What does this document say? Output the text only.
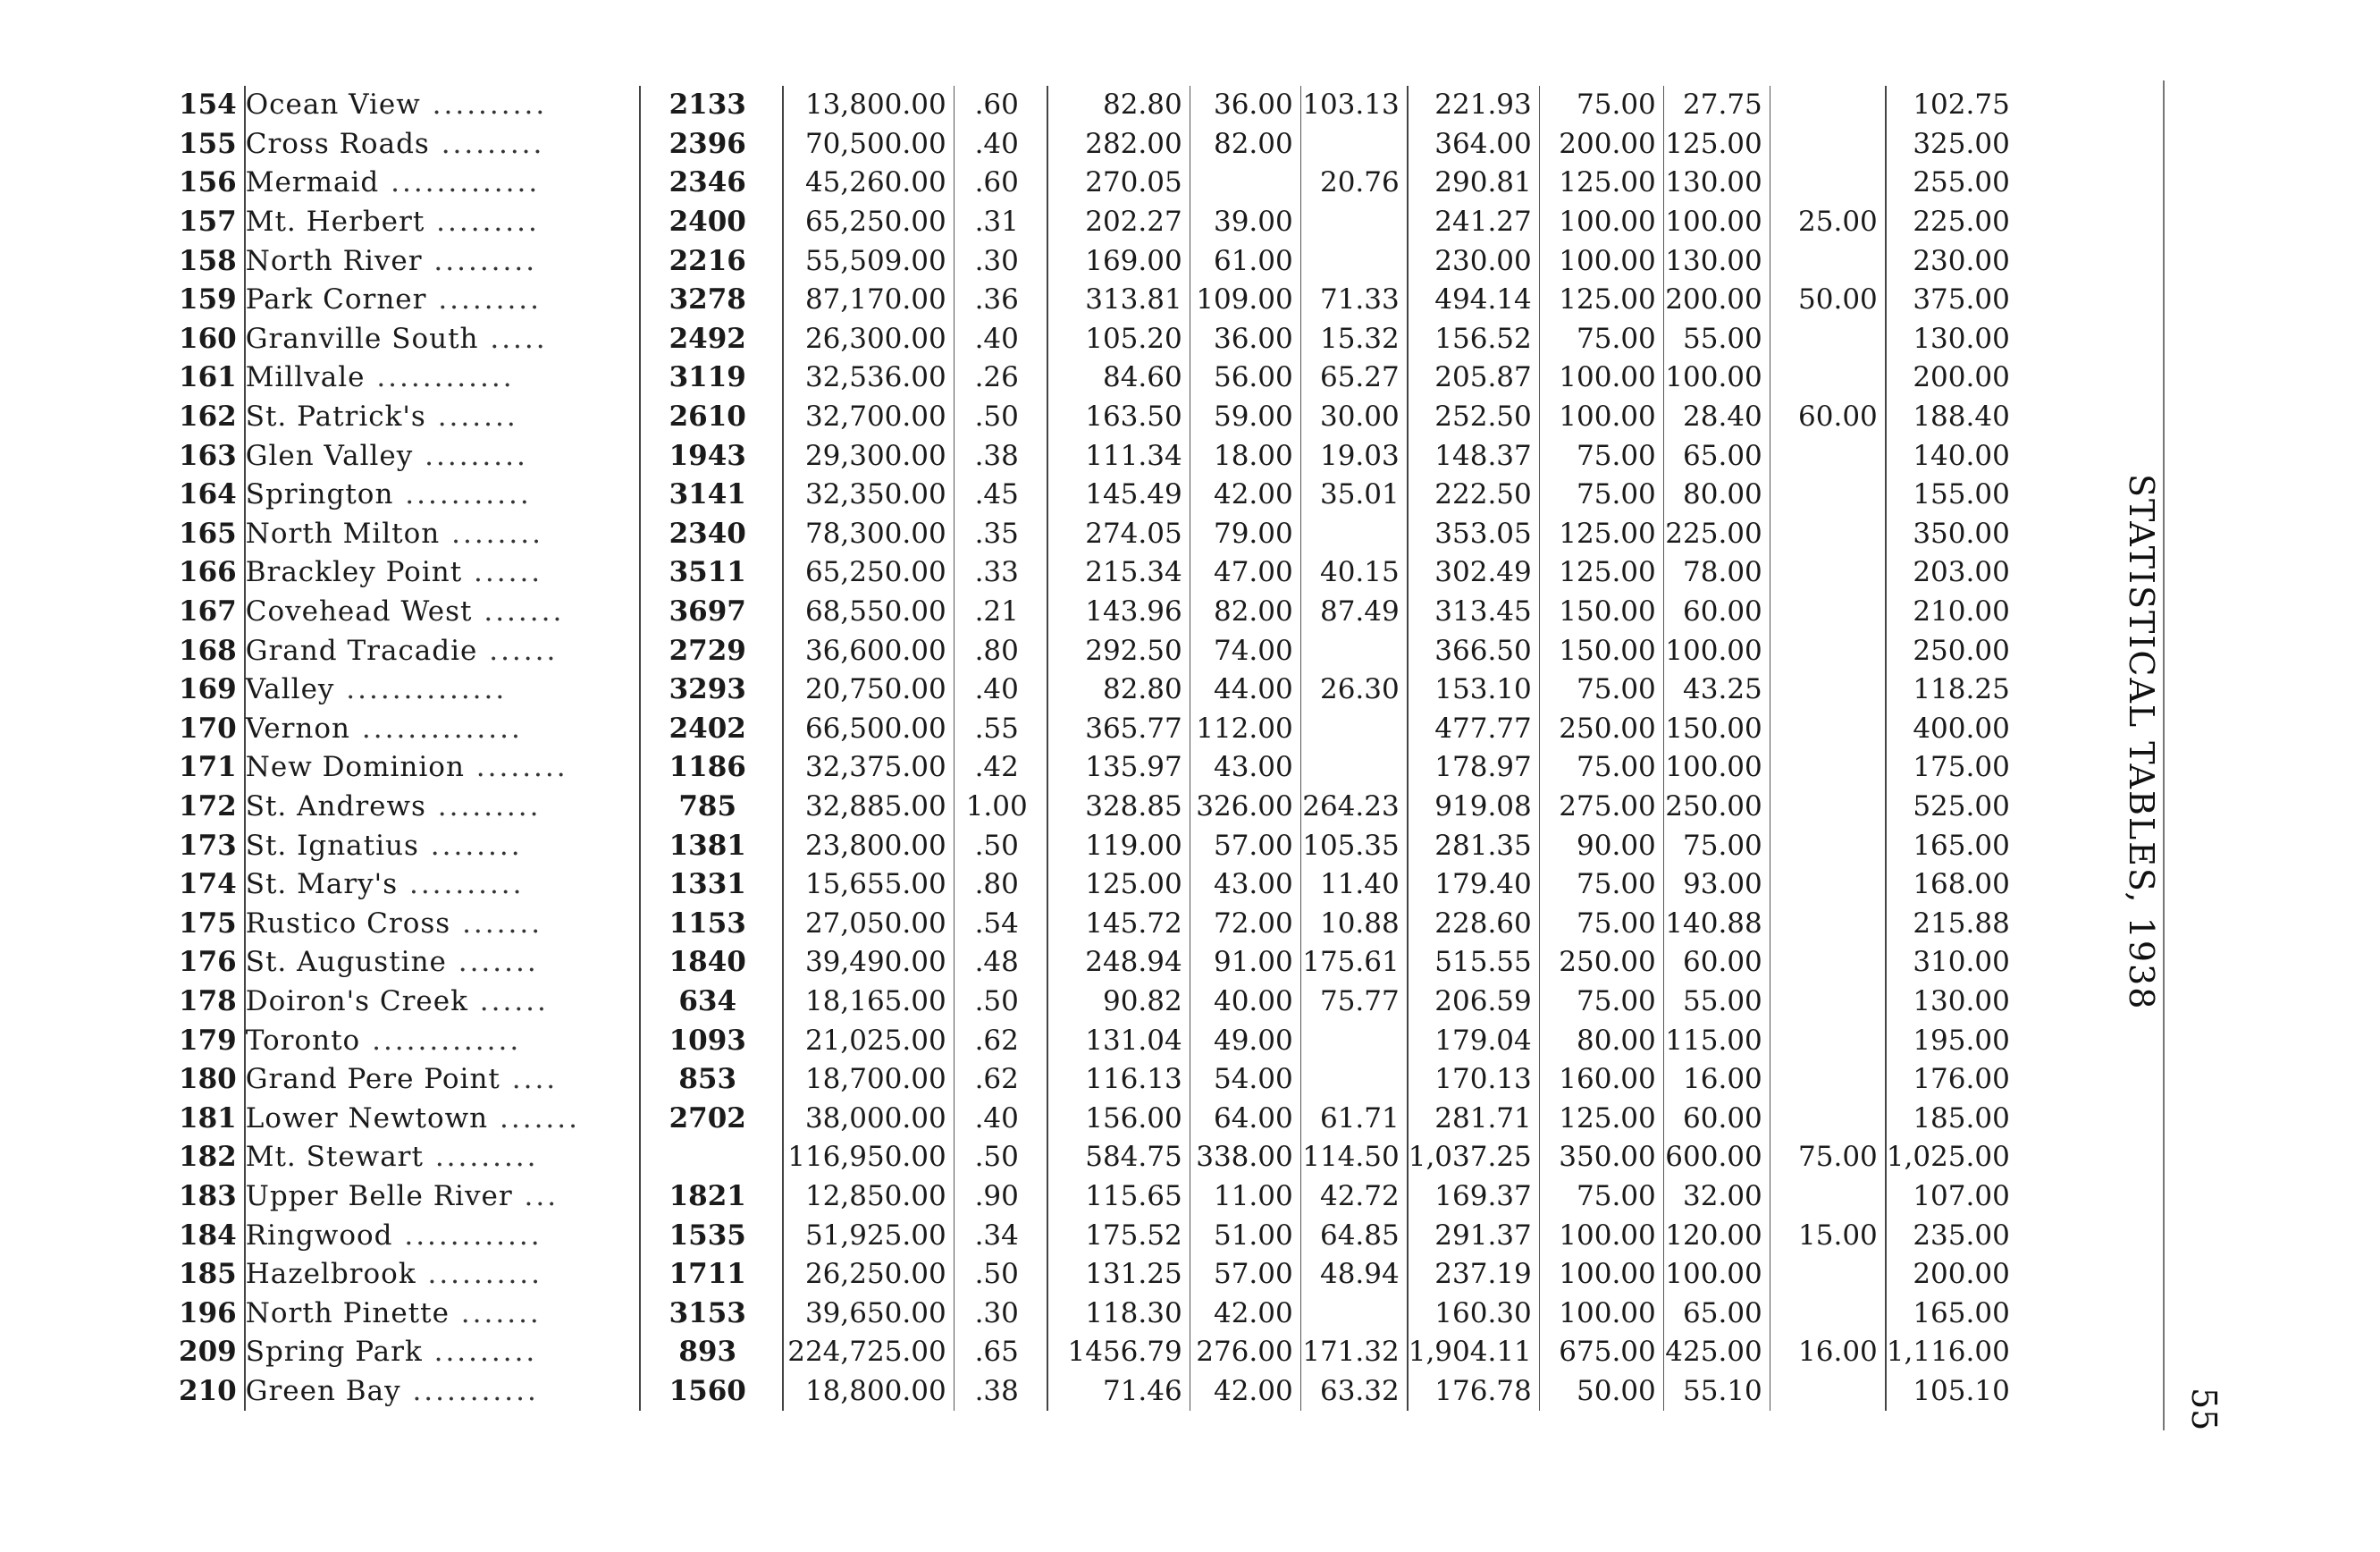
154	Ocean View ..........	2133	13,800.00	.60	82.80	36.00	103.13	221.93	75.00	27.75		102.75
155	Cross Roads .........	2396	70,500.00	.40	282.00	82.00		364.00	200.00	125.00		325.00
156	Mermaid .............	2346	45,260.00	.60	270.05		20.76	290.81	125.00	130.00		255.00
157	Mt. Herbert .........	2400	65,250.00	.31	202.27	39.00		241.27	100.00	100.00	25.00	225.00
158	North River .........	2216	55,509.00	.30	169.00	61.00		230.00	100.00	130.00		230.00
159	Park Corner .........	3278	87,170.00	.36	313.81	109.00	71.33	494.14	125.00	200.00	50.00	375.00
160	Granville South .....	2492	26,300.00	.40	105.20	36.00	15.32	156.52	75.00	55.00		130.00
161	Millvale ............	3119	32,536.00	.26	84.60	56.00	65.27	205.87	100.00	100.00		200.00
162	St. Patrick's .......	2610	32,700.00	.50	163.50	59.00	30.00	252.50	100.00	28.40	60.00	188.40
163	Glen Valley .........	1943	29,300.00	.38	111.34	18.00	19.03	148.37	75.00	65.00		140.00
164	Springton ...........	3141	32,350.00	.45	145.49	42.00	35.01	222.50	75.00	80.00		155.00
165	North Milton ........	2340	78,300.00	.35	274.05	79.00		353.05	125.00	225.00		350.00
166	Brackley Point ......	3511	65,250.00	.33	215.34	47.00	40.15	302.49	125.00	78.00		203.00
167	Covehead West .......	3697	68,550.00	.21	143.96	82.00	87.49	313.45	150.00	60.00		210.00
168	Grand Tracadie ......	2729	36,600.00	.80	292.50	74.00		366.50	150.00	100.00		250.00
169	Valley ..............	3293	20,750.00	.40	82.80	44.00	26.30	153.10	75.00	43.25		118.25
170	Vernon ..............	2402	66,500.00	.55	365.77	112.00		477.77	250.00	150.00		400.00
171	New Dominion ........	1186	32,375.00	.42	135.97	43.00		178.97	75.00	100.00		175.00
172	St. Andrews .........	785	32,885.00	1.00	328.85	326.00	264.23	919.08	275.00	250.00		525.00
173	St. Ignatius ........	1381	23,800.00	.50	119.00	57.00	105.35	281.35	90.00	75.00		165.00
174	St. Mary's ..........	1331	15,655.00	.80	125.00	43.00	11.40	179.40	75.00	93.00		168.00
175	Rustico Cross .......	1153	27,050.00	.54	145.72	72.00	10.88	228.60	75.00	140.88		215.88
176	St. Augustine .......	1840	39,490.00	.48	248.94	91.00	175.61	515.55	250.00	60.00		310.00
178	Doiron's Creek ......	634	18,165.00	.50	90.82	40.00	75.77	206.59	75.00	55.00		130.00
179	Toronto .............	1093	21,025.00	.62	131.04	49.00		179.04	80.00	115.00		195.00
180	Grand Pere Point ....	853	18,700.00	.62	116.13	54.00		170.13	160.00	16.00		176.00
181	Lower Newtown .......	2702	38,000.00	.40	156.00	64.00	61.71	281.71	125.00	60.00		185.00
182	Mt. Stewart .........		116,950.00	.50	584.75	338.00	114.50	1,037.25	350.00	600.00	75.00	1,025.00
183	Upper Belle River ...	1821	12,850.00	.90	115.65	11.00	42.72	169.37	75.00	32.00		107.00
184	Ringwood ............	1535	51,925.00	.34	175.52	51.00	64.85	291.37	100.00	120.00	15.00	235.00
185	Hazelbrook ..........	1711	26,250.00	.50	131.25	57.00	48.94	237.19	100.00	100.00		200.00
196	North Pinette .......	3153	39,650.00	.30	118.30	42.00		160.30	100.00	65.00		165.00
209	Spring Park .........	893	224,725.00	.65	1456.79	276.00	171.32	1,904.11	675.00	425.00	16.00	1,116.00
210	Green Bay ...........	1560	18,800.00	.38	71.46	42.00	63.32	176.78	50.00	55.10		105.10
STATISTICAL TABLES, 1938
55
